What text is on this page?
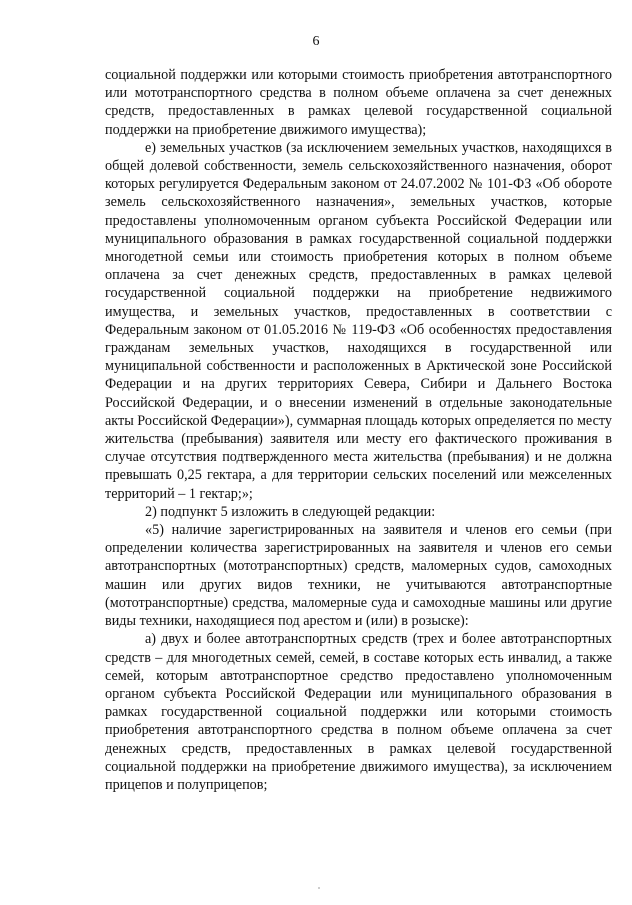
6

социальной поддержки или которыми стоимость приобретения автотранспортного или мототранспортного средства в полном объеме оплачена за счет денежных средств, предоставленных в рамках целевой государственной социальной поддержки на приобретение движимого имущества);

е) земельных участков (за исключением земельных участков, находящихся в общей долевой собственности, земель сельскохозяйственного назначения, оборот которых регулируется Федеральным законом от 24.07.2002 № 101-ФЗ «Об обороте земель сельскохозяйственного назначения», земельных участков, которые предоставлены уполномоченным органом субъекта Российской Федерации или муниципального образования в рамках государственной социальной поддержки многодетной семьи или стоимость приобретения которых в полном объеме оплачена за счет денежных средств, предоставленных в рамках целевой государственной социальной поддержки на приобретение недвижимого имущества, и земельных участков, предоставленных в соответствии с Федеральным законом от 01.05.2016 № 119-ФЗ «Об особенностях предоставления гражданам земельных участков, находящихся в государственной или муниципальной собственности и расположенных в Арктической зоне Российской Федерации и на других территориях Севера, Сибири и Дальнего Востока Российской Федерации, и о внесении изменений в отдельные законодательные акты Российской Федерации»), суммарная площадь которых определяется по месту жительства (пребывания) заявителя или месту его фактического проживания в случае отсутствия подтвержденного места жительства (пребывания) и не должна превышать 0,25 гектара, а для территории сельских поселений или межселенных территорий – 1 гектар;»;

2) подпункт 5 изложить в следующей редакции:

«5) наличие зарегистрированных на заявителя и членов его семьи (при определении количества зарегистрированных на заявителя и членов его семьи автотранспортных (мототранспортных) средств, маломерных судов, самоходных машин или других видов техники, не учитываются автотранспортные (мототранспортные) средства, маломерные суда и самоходные машины или другие виды техники, находящиеся под арестом и (или) в розыске):

а) двух и более автотранспортных средств (трех и более автотранспортных средств – для многодетных семей, семей, в составе которых есть инвалид, а также семей, которым автотранспортное средство предоставлено уполномоченным органом субъекта Российской Федерации или муниципального образования в рамках государственной социальной поддержки или которыми стоимость приобретения автотранспортного средства в полном объеме оплачена за счет денежных средств, предоставленных в рамках целевой государственной социальной поддержки на приобретение движимого имущества), за исключением прицепов и полуприцепов;
